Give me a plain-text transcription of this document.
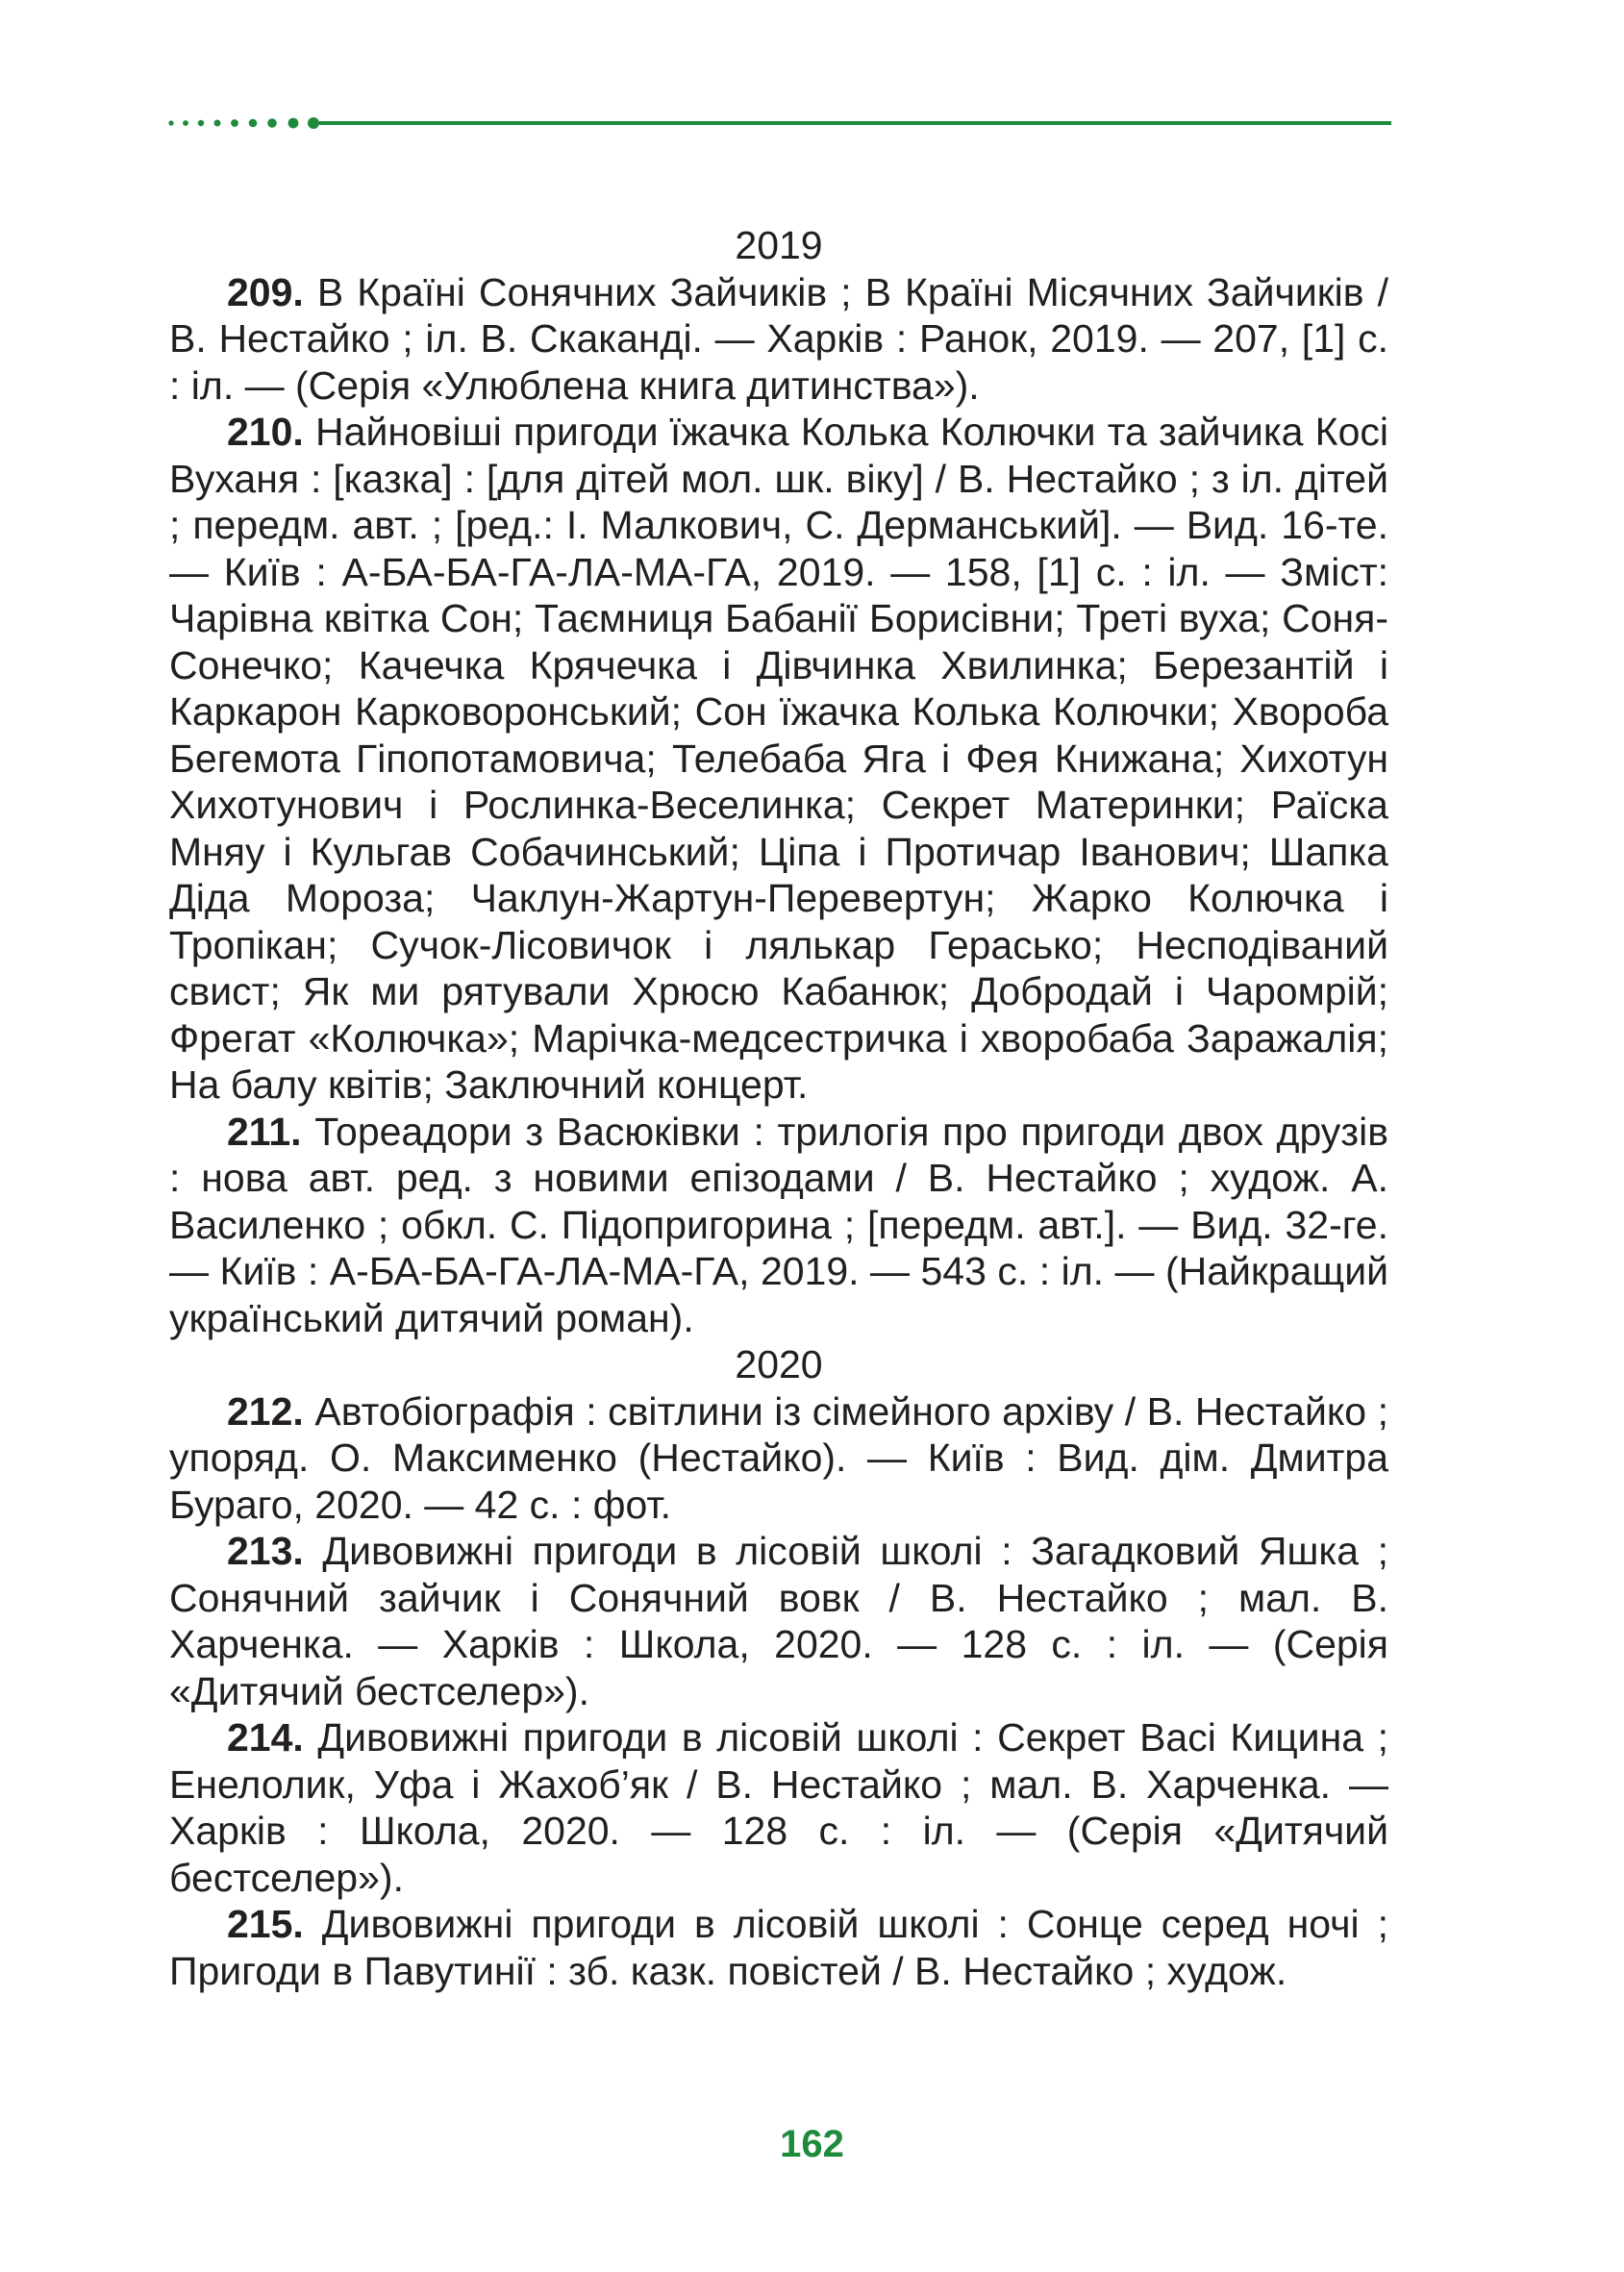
2019

209. В Країні Сонячних Зайчиків ; В Країні Місячних Зайчиків / В. Нестайко ; іл. В. Скаканді. — Харків : Ранок, 2019. — 207, [1] с. : іл. — (Серія «Улюблена книга дитинства»).

210. Найновіші пригоди їжачка Колька Колючки та зайчика Косі Вуханя : [казка] : [для дітей мол. шк. віку] / В. Нестайко ; з іл. дітей ; передм. авт. ; [ред.: І. Малкович, С. Дерманський]. — Вид. 16-те. — Київ : А-БА-БА-ГА-ЛА-МА-ГА, 2019. — 158, [1] с. : іл. — Зміст: Чарівна квітка Сон; Таємниця Бабанії Борисівни; Треті вуха; Соня-Сонечко; Качечка Крячечка і Дівчинка Хвилинка; Березантій і Каркарон Карковоронський; Сон їжачка Колька Колючки; Хвороба Бегемота Гіпопотамовича; Телебаба Яга і Фея Книжана; Хихотун Хихотунович і Рослинка-Веселинка; Секрет Материнки; Раїска Мняу і Кульгав Собачинський; Ціпа і Протичар Іванович; Шапка Діда Мороза; Чаклун-Жартун-Перевертун; Жарко Колючка і Тропікан; Сучок-Лісовичок і лялькар Гераськo; Несподіваний свист; Як ми рятували Хрюсю Кабанюк; Добродай і Чаромрій; Фрегат «Колючка»; Марічка-медсестричка і хворобаба Заражалія; На балу квітів; Заключний концерт.

211. Тореадори з Васюківки : трилогія про пригоди двох друзів : нова авт. ред. з новими епізодами / В. Нестайко ; худож. А. Василенко ; обкл. С. Підопригорина ; [передм. авт.]. — Вид. 32-ге. — Київ : А-БА-БА-ГА-ЛА-МА-ГА, 2019. — 543 с. : іл. — (Найкращий український дитячий роман).

2020

212. Автобіографія : світлини із сімейного архіву / В. Нестайко ; упоряд. О. Максименко (Нестайко). — Київ : Вид. дім. Дмитра Бураго, 2020. — 42 с. : фот.

213. Дивовижні пригоди в лісовій школі : Загадковий Яшка ; Сонячний зайчик і Сонячний вовк / В. Нестайко ; мал. В. Харченка. — Харків : Школа, 2020. — 128 с. : іл. — (Серія «Дитячий бестселер»).

214. Дивовижні пригоди в лісовій школі : Секрет Васі Кицина ; Енелолик, Уфа і Жахоб’як / В. Нестайко ; мал. В. Харченка. — Харків : Школа, 2020. — 128 с. : іл. — (Серія «Дитячий бестселер»).

215. Дивовижні пригоди в лісовій школі : Сонце серед ночі ; Пригоди в Павутинії : зб. казк. повістей / В. Нестайко ; худож.

162
